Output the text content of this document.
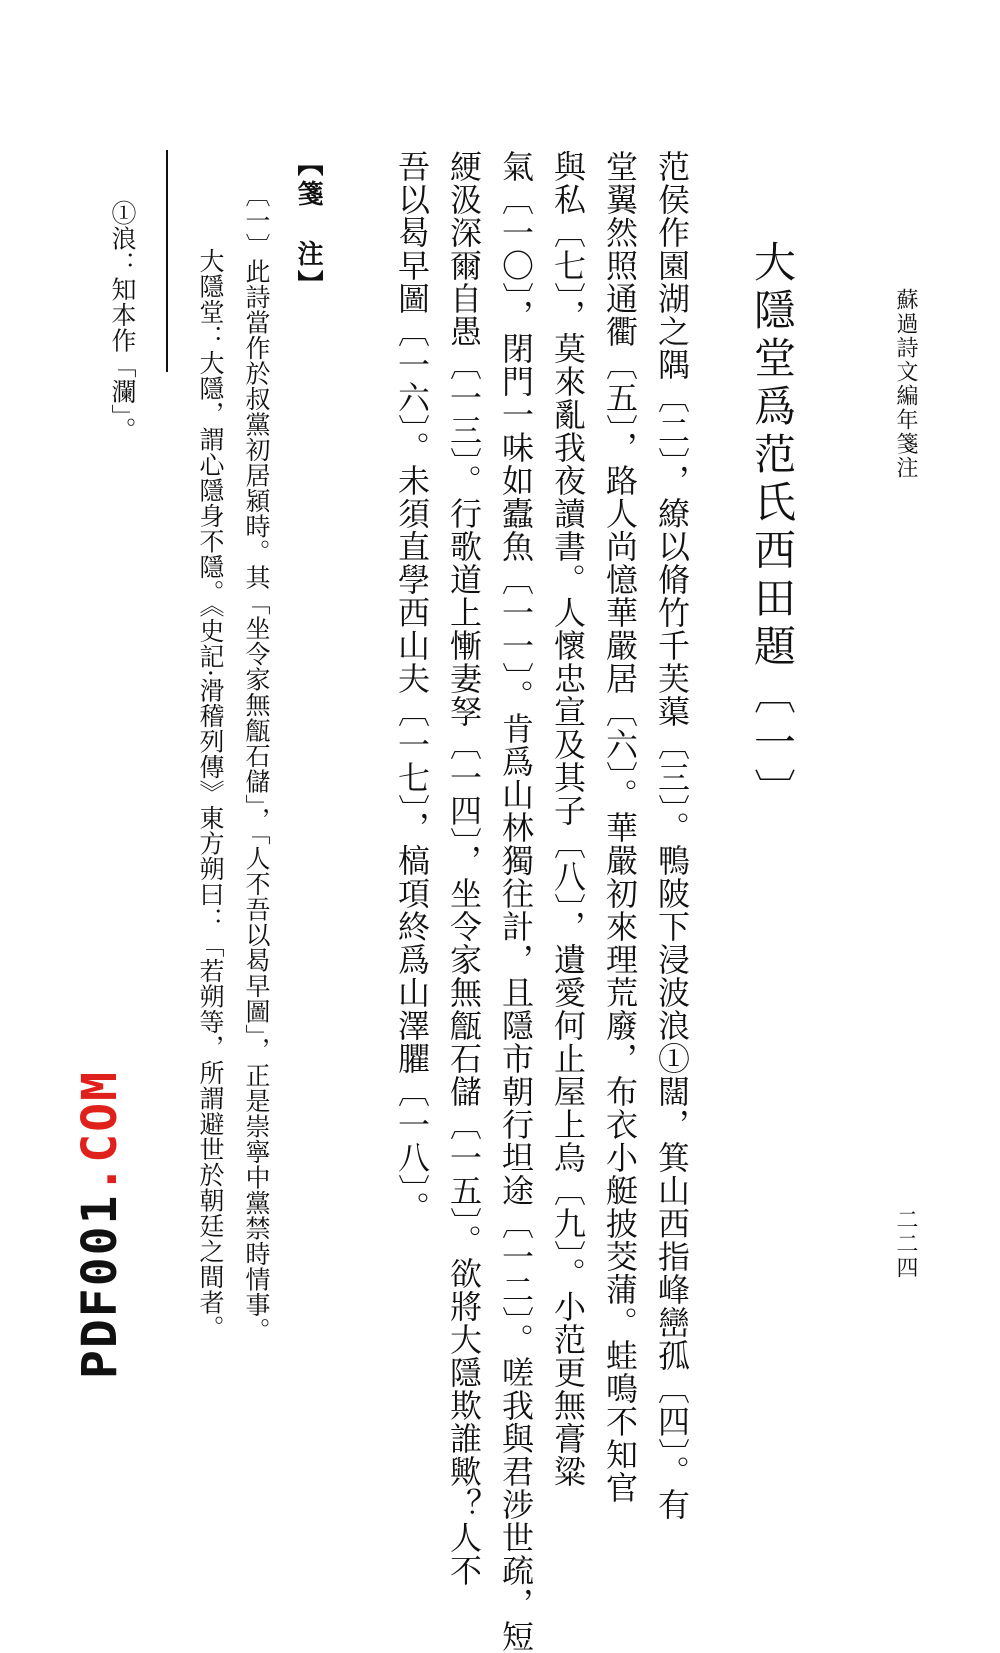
蘇過詩文編年箋注
二二四
大隱堂爲范氏西田題〔一〕
范侯作園湖之隅〔二〕，繚以脩竹千芙蕖〔三〕。鴨陂下浸波浪①闊，箕山西指峰巒孤〔四〕。有
堂翼然照通衢〔五〕，路人尚憶華嚴居〔六〕。華嚴初來理荒廢，布衣小艇披茭蒲。蛙鳴不知官
與私〔七〕，莫來亂我夜讀書。人懷忠宣及其子〔八〕，遺愛何止屋上烏〔九〕。小范更無膏粱
氣〔一〇〕，閉門一味如蠹魚〔一一〕。肯爲山林獨往計，且隱市朝行坦途〔一二〕。嗟我與君涉世疏，短
綆汲深爾自愚〔一三〕。行歌道上慚妻孥〔一四〕，坐令家無甔石儲〔一五〕。欲將大隱欺誰歟？人不
吾以曷早圖〔一六〕。未須直學西山夫〔一七〕，槁項終爲山澤臞〔一八〕。
【箋　注】
〔一〕此詩當作於叔黨初居潁時。其「坐令家無甔石儲」，「人不吾以曷早圖」，正是崇寧中黨禁時情事。
大隱堂：大隱，謂心隱身不隱。《史記·滑稽列傳》東方朔曰：「若朔等，所謂避世於朝廷之間者。
①浪：知本作「瀾」。
PDF001.COM
